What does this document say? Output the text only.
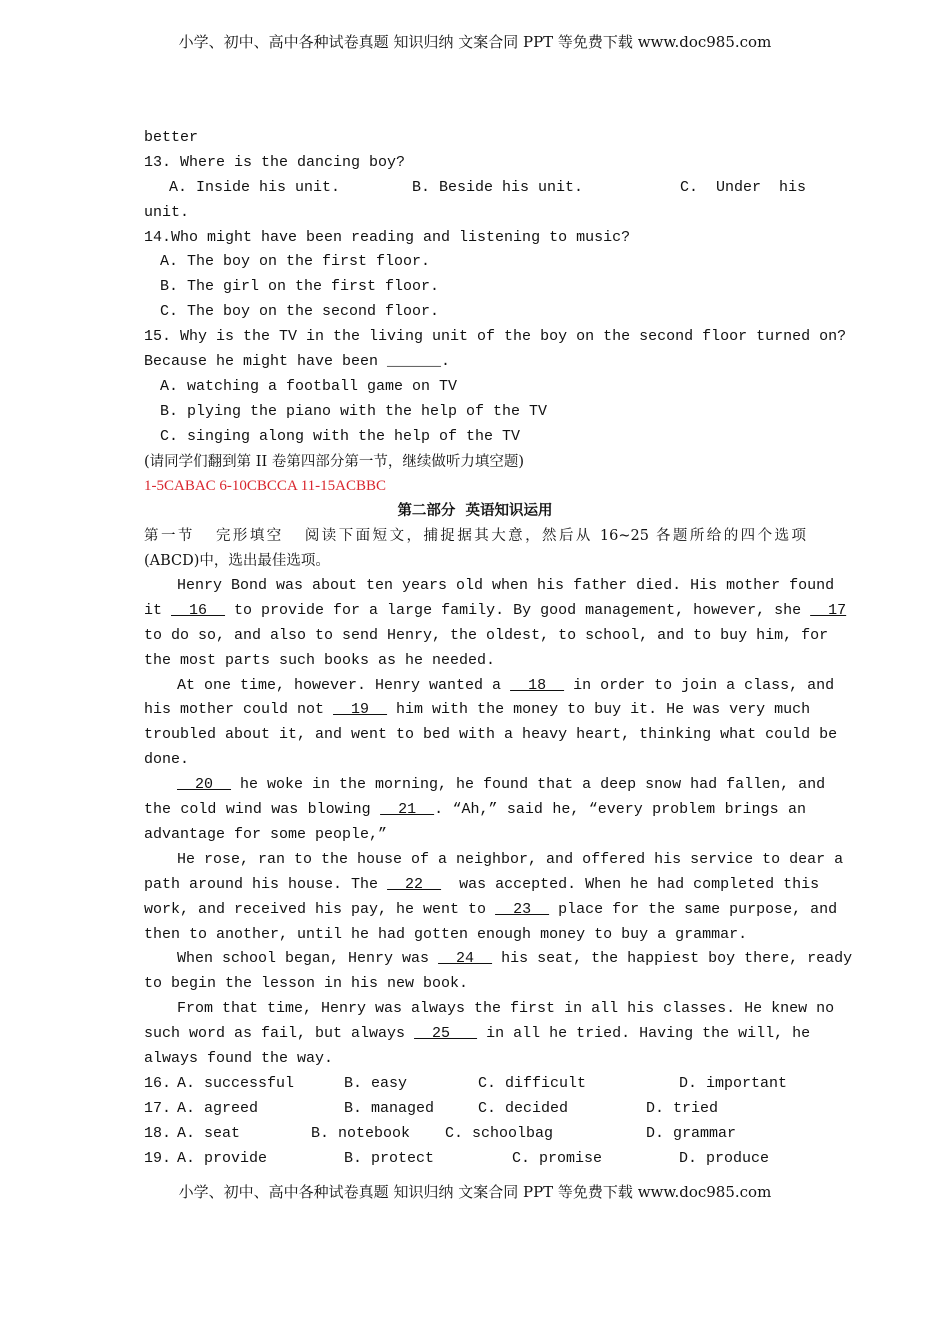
小学、初中、高中各种试卷真题 知识归纳 文案合同 PPT 等免费下载 www.doc985.com
better
13. Where is the dancing boy?
A. Inside his unit.	B. Beside his unit.	C.  Under  his
unit.
14.Who might have been reading and listening to music?
A. The boy on the first floor.
B. The girl on the first floor.
C. The boy on the second floor.
15. Why is the TV in the living unit of the boy on the second floor turned on?
Because he might have been ______.
A. watching a football game on TV
B. plying the piano with the help of the TV
C. singing along with the help of the TV
(请同学们翻到第 II 卷第四部分第一节，继续做听力填空题)
1-5CABAC 6-10CBCCA 11-15ACBBC
第二部分  英语知识运用
第一节   完形填空   阅读下面短文，捕捉据其大意，然后从 16~25 各题所给的四个选项
(ABCD)中，选出最佳选项。
Henry Bond was about ten years old when his father died. His mother found
it   16   to provide for a large family. By good management, however, she   17
to do so, and also to send Henry, the oldest, to school, and to buy him, for
the most parts such books as he needed.
At one time, however. Henry wanted a   18   in order to join a class, and
his mother could not   19   him with the money to buy it. He was very much
troubled about it, and went to bed with a heavy heart, thinking what could be
done.
20   he woke in the morning, he found that a deep snow had fallen, and
the cold wind was blowing   21  . “Ah,” said he, “every problem brings an
advantage for some people,”
He rose, ran to the house of a neighbor, and offered his service to dear a
path around his house. The   22    was accepted. When he had completed this
work, and received his pay, he went to   23   place for the same purpose, and
then to another, until he had gotten enough money to buy a grammar.
When school began, Henry was   24   his seat, the happiest boy there, ready
to begin the lesson in his new book.
From that time, Henry was always the first in all his classes. He knew no
such word as fail, but always   25    in all he tried. Having the will, he
always found the way.
16.	A. successful	B. easy	C. difficult	D. important
17.	A. agreed	B. managed	C. decided	D. tried
18.	A. seat	B. notebook	C. schoolbag	D. grammar
19.	A. provide	B. protect	C. promise	D. produce
小学、初中、高中各种试卷真题 知识归纳 文案合同 PPT 等免费下载 www.doc985.com
